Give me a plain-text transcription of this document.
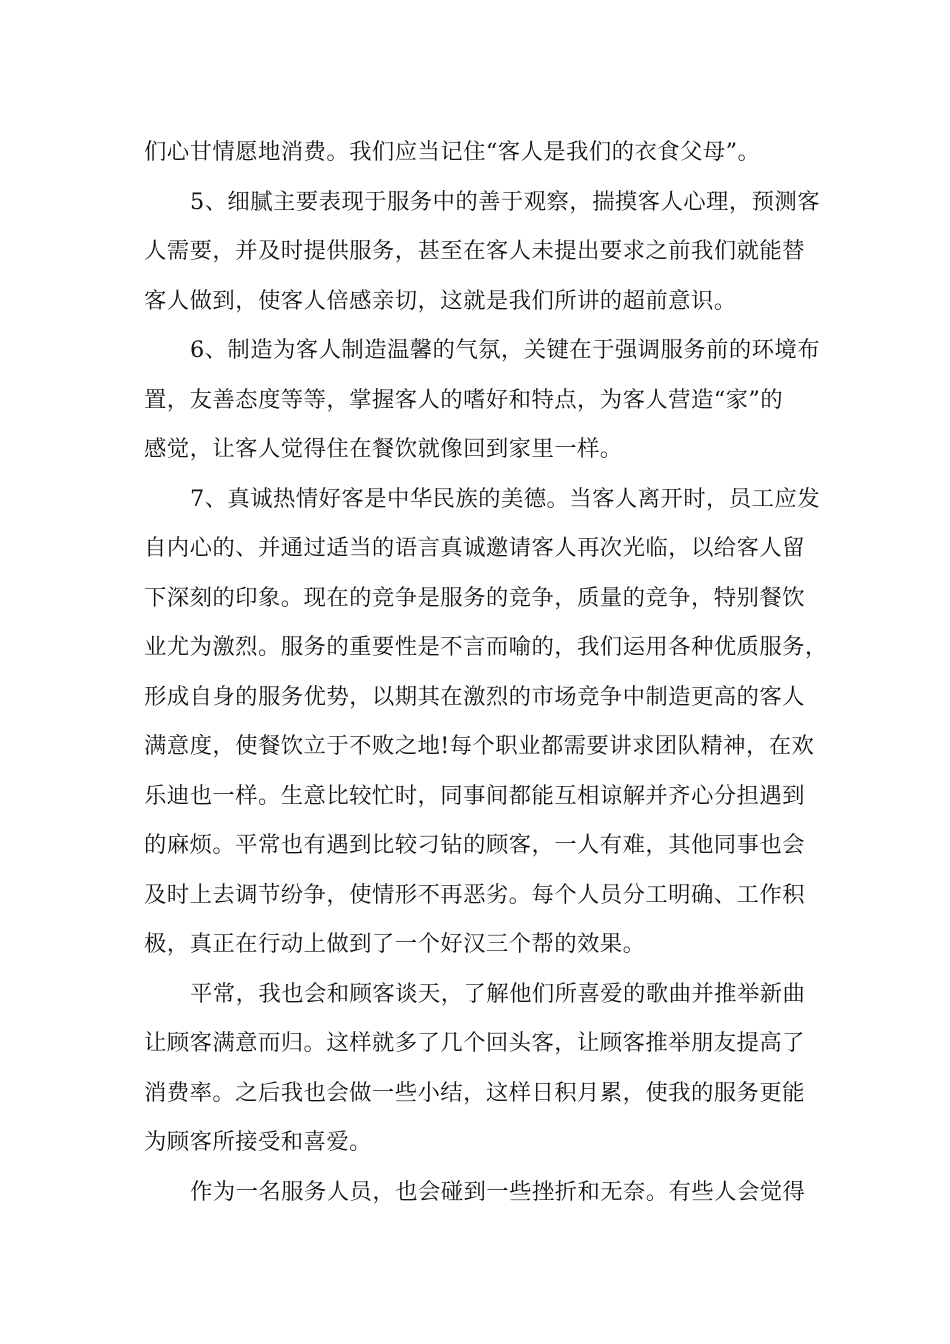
们心甘情愿地消费。我们应当记住“客人是我们的衣食父母”。
5、细腻主要表现于服务中的善于观察，揣摸客人心理，预测客
人需要，并及时提供服务，甚至在客人未提出要求之前我们就能替
客人做到，使客人倍感亲切，这就是我们所讲的超前意识。
6、制造为客人制造温馨的气氛，关键在于强调服务前的环境布
置，友善态度等等，掌握客人的嗜好和特点，为客人营造“家”的
感觉，让客人觉得住在餐饮就像回到家里一样。
7、真诚热情好客是中华民族的美德。当客人离开时，员工应发
自内心的、并通过适当的语言真诚邀请客人再次光临，以给客人留
下深刻的印象。现在的竞争是服务的竞争，质量的竞争，特别餐饮
业尤为激烈。服务的重要性是不言而喻的，我们运用各种优质服务，
形成自身的服务优势，以期其在激烈的市场竞争中制造更高的客人
满意度，使餐饮立于不败之地!每个职业都需要讲求团队精神，在欢
乐迪也一样。生意比较忙时，同事间都能互相谅解并齐心分担遇到
的麻烦。平常也有遇到比较刁钻的顾客，一人有难，其他同事也会
及时上去调节纷争，使情形不再恶劣。每个人员分工明确、工作积
极，真正在行动上做到了一个好汉三个帮的效果。
平常，我也会和顾客谈天，了解他们所喜爱的歌曲并推举新曲
让顾客满意而归。这样就多了几个回头客，让顾客推举朋友提高了
消费率。之后我也会做一些小结，这样日积月累，使我的服务更能
为顾客所接受和喜爱。
作为一名服务人员，也会碰到一些挫折和无奈。有些人会觉得
